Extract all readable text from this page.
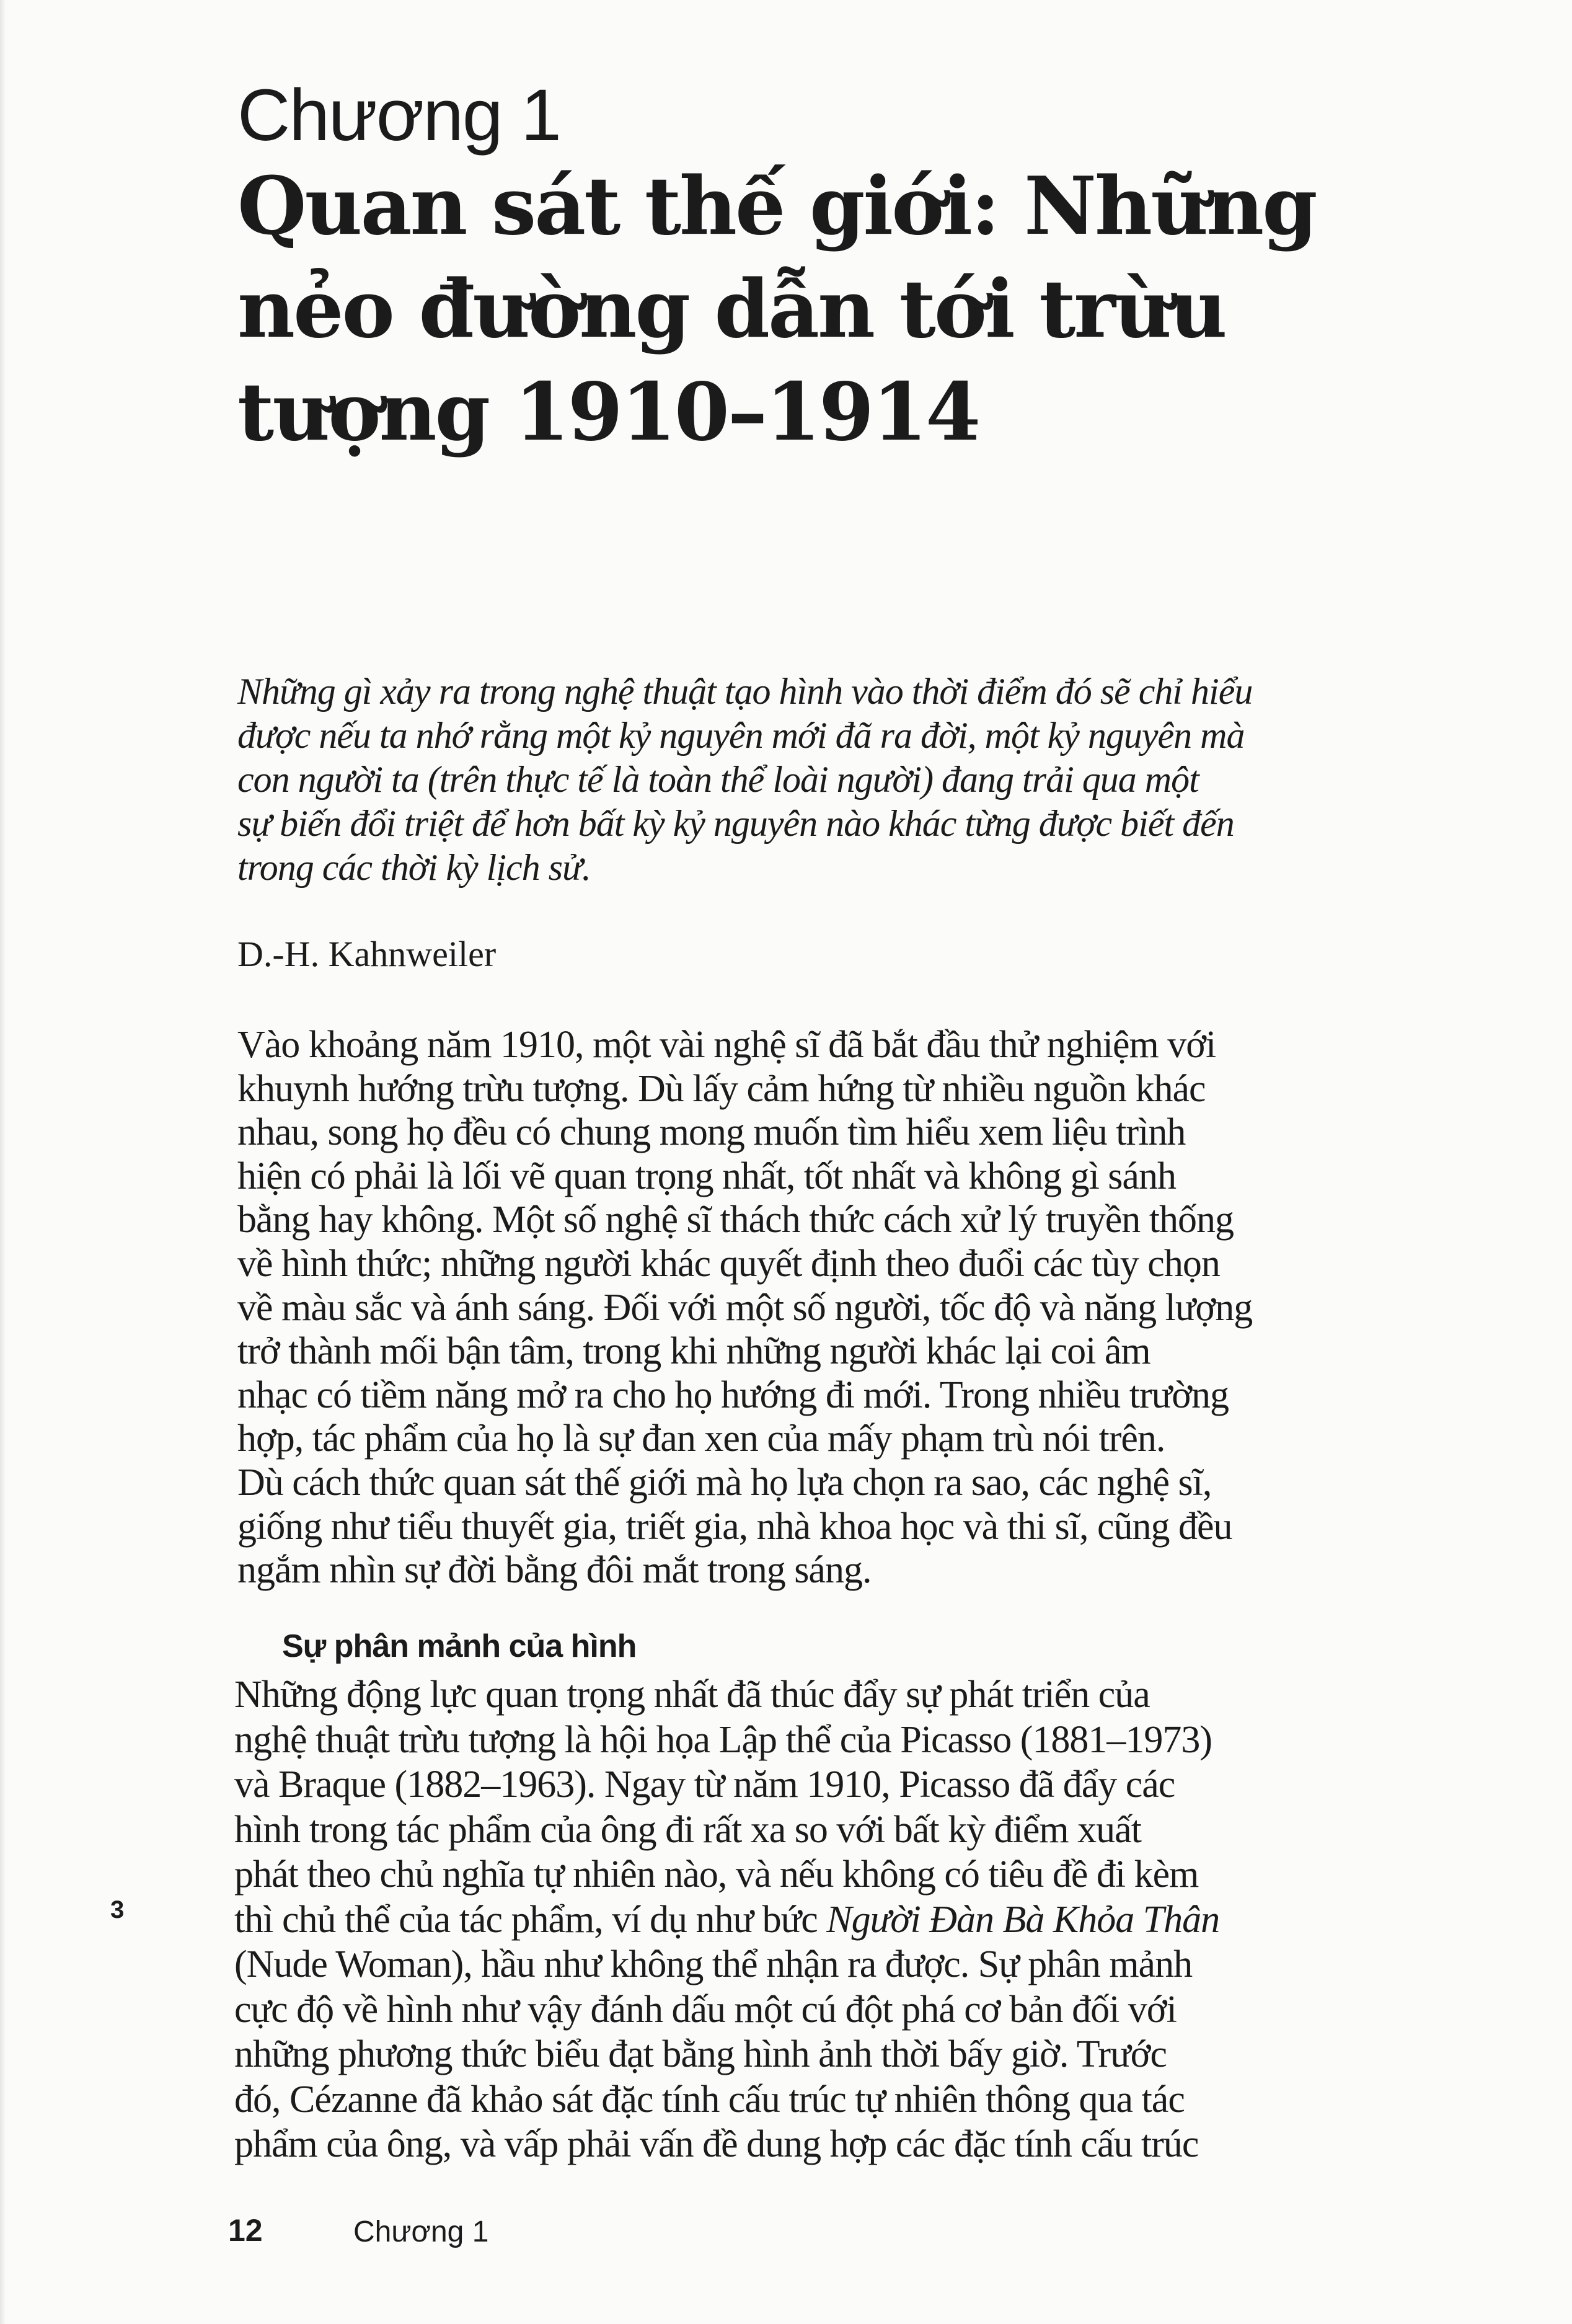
Chương 1
Quan sát thế giới: Những
nẻo đường dẫn tới trừu
tượng 1910–1914
Những gì xảy ra trong nghệ thuật tạo hình vào thời điểm đó sẽ chỉ hiểu
được nếu ta nhớ rằng một kỷ nguyên mới đã ra đời, một kỷ nguyên mà
con người ta (trên thực tế là toàn thể loài người) đang trải qua một
sự biến đổi triệt để hơn bất kỳ kỷ nguyên nào khác từng được biết đến
trong các thời kỳ lịch sử.
D.-H. Kahnweiler
Vào khoảng năm 1910, một vài nghệ sĩ đã bắt đầu thử nghiệm với
khuynh hướng trừu tượng. Dù lấy cảm hứng từ nhiều nguồn khác
nhau, song họ đều có chung mong muốn tìm hiểu xem liệu trình
hiện có phải là lối vẽ quan trọng nhất, tốt nhất và không gì sánh
bằng hay không. Một số nghệ sĩ thách thức cách xử lý truyền thống
về hình thức; những người khác quyết định theo đuổi các tùy chọn
về màu sắc và ánh sáng. Đối với một số người, tốc độ và năng lượng
trở thành mối bận tâm, trong khi những người khác lại coi âm
nhạc có tiềm năng mở ra cho họ hướng đi mới. Trong nhiều trường
hợp, tác phẩm của họ là sự đan xen của mấy phạm trù nói trên.
Dù cách thức quan sát thế giới mà họ lựa chọn ra sao, các nghệ sĩ,
giống như tiểu thuyết gia, triết gia, nhà khoa học và thi sĩ, cũng đều
ngắm nhìn sự đời bằng đôi mắt trong sáng.
Sự phân mảnh của hình
Những động lực quan trọng nhất đã thúc đẩy sự phát triển của
nghệ thuật trừu tượng là hội họa Lập thể của Picasso (1881–1973)
và Braque (1882–1963). Ngay từ năm 1910, Picasso đã đẩy các
hình trong tác phẩm của ông đi rất xa so với bất kỳ điểm xuất
phát theo chủ nghĩa tự nhiên nào, và nếu không có tiêu đề đi kèm
thì chủ thể của tác phẩm, ví dụ như bức Người Đàn Bà Khỏa Thân
(Nude Woman), hầu như không thể nhận ra được. Sự phân mảnh
cực độ về hình như vậy đánh dấu một cú đột phá cơ bản đối với
những phương thức biểu đạt bằng hình ảnh thời bấy giờ. Trước
đó, Cézanne đã khảo sát đặc tính cấu trúc tự nhiên thông qua tác
phẩm của ông, và vấp phải vấn đề dung hợp các đặc tính cấu trúc
3
12	Chương 1
